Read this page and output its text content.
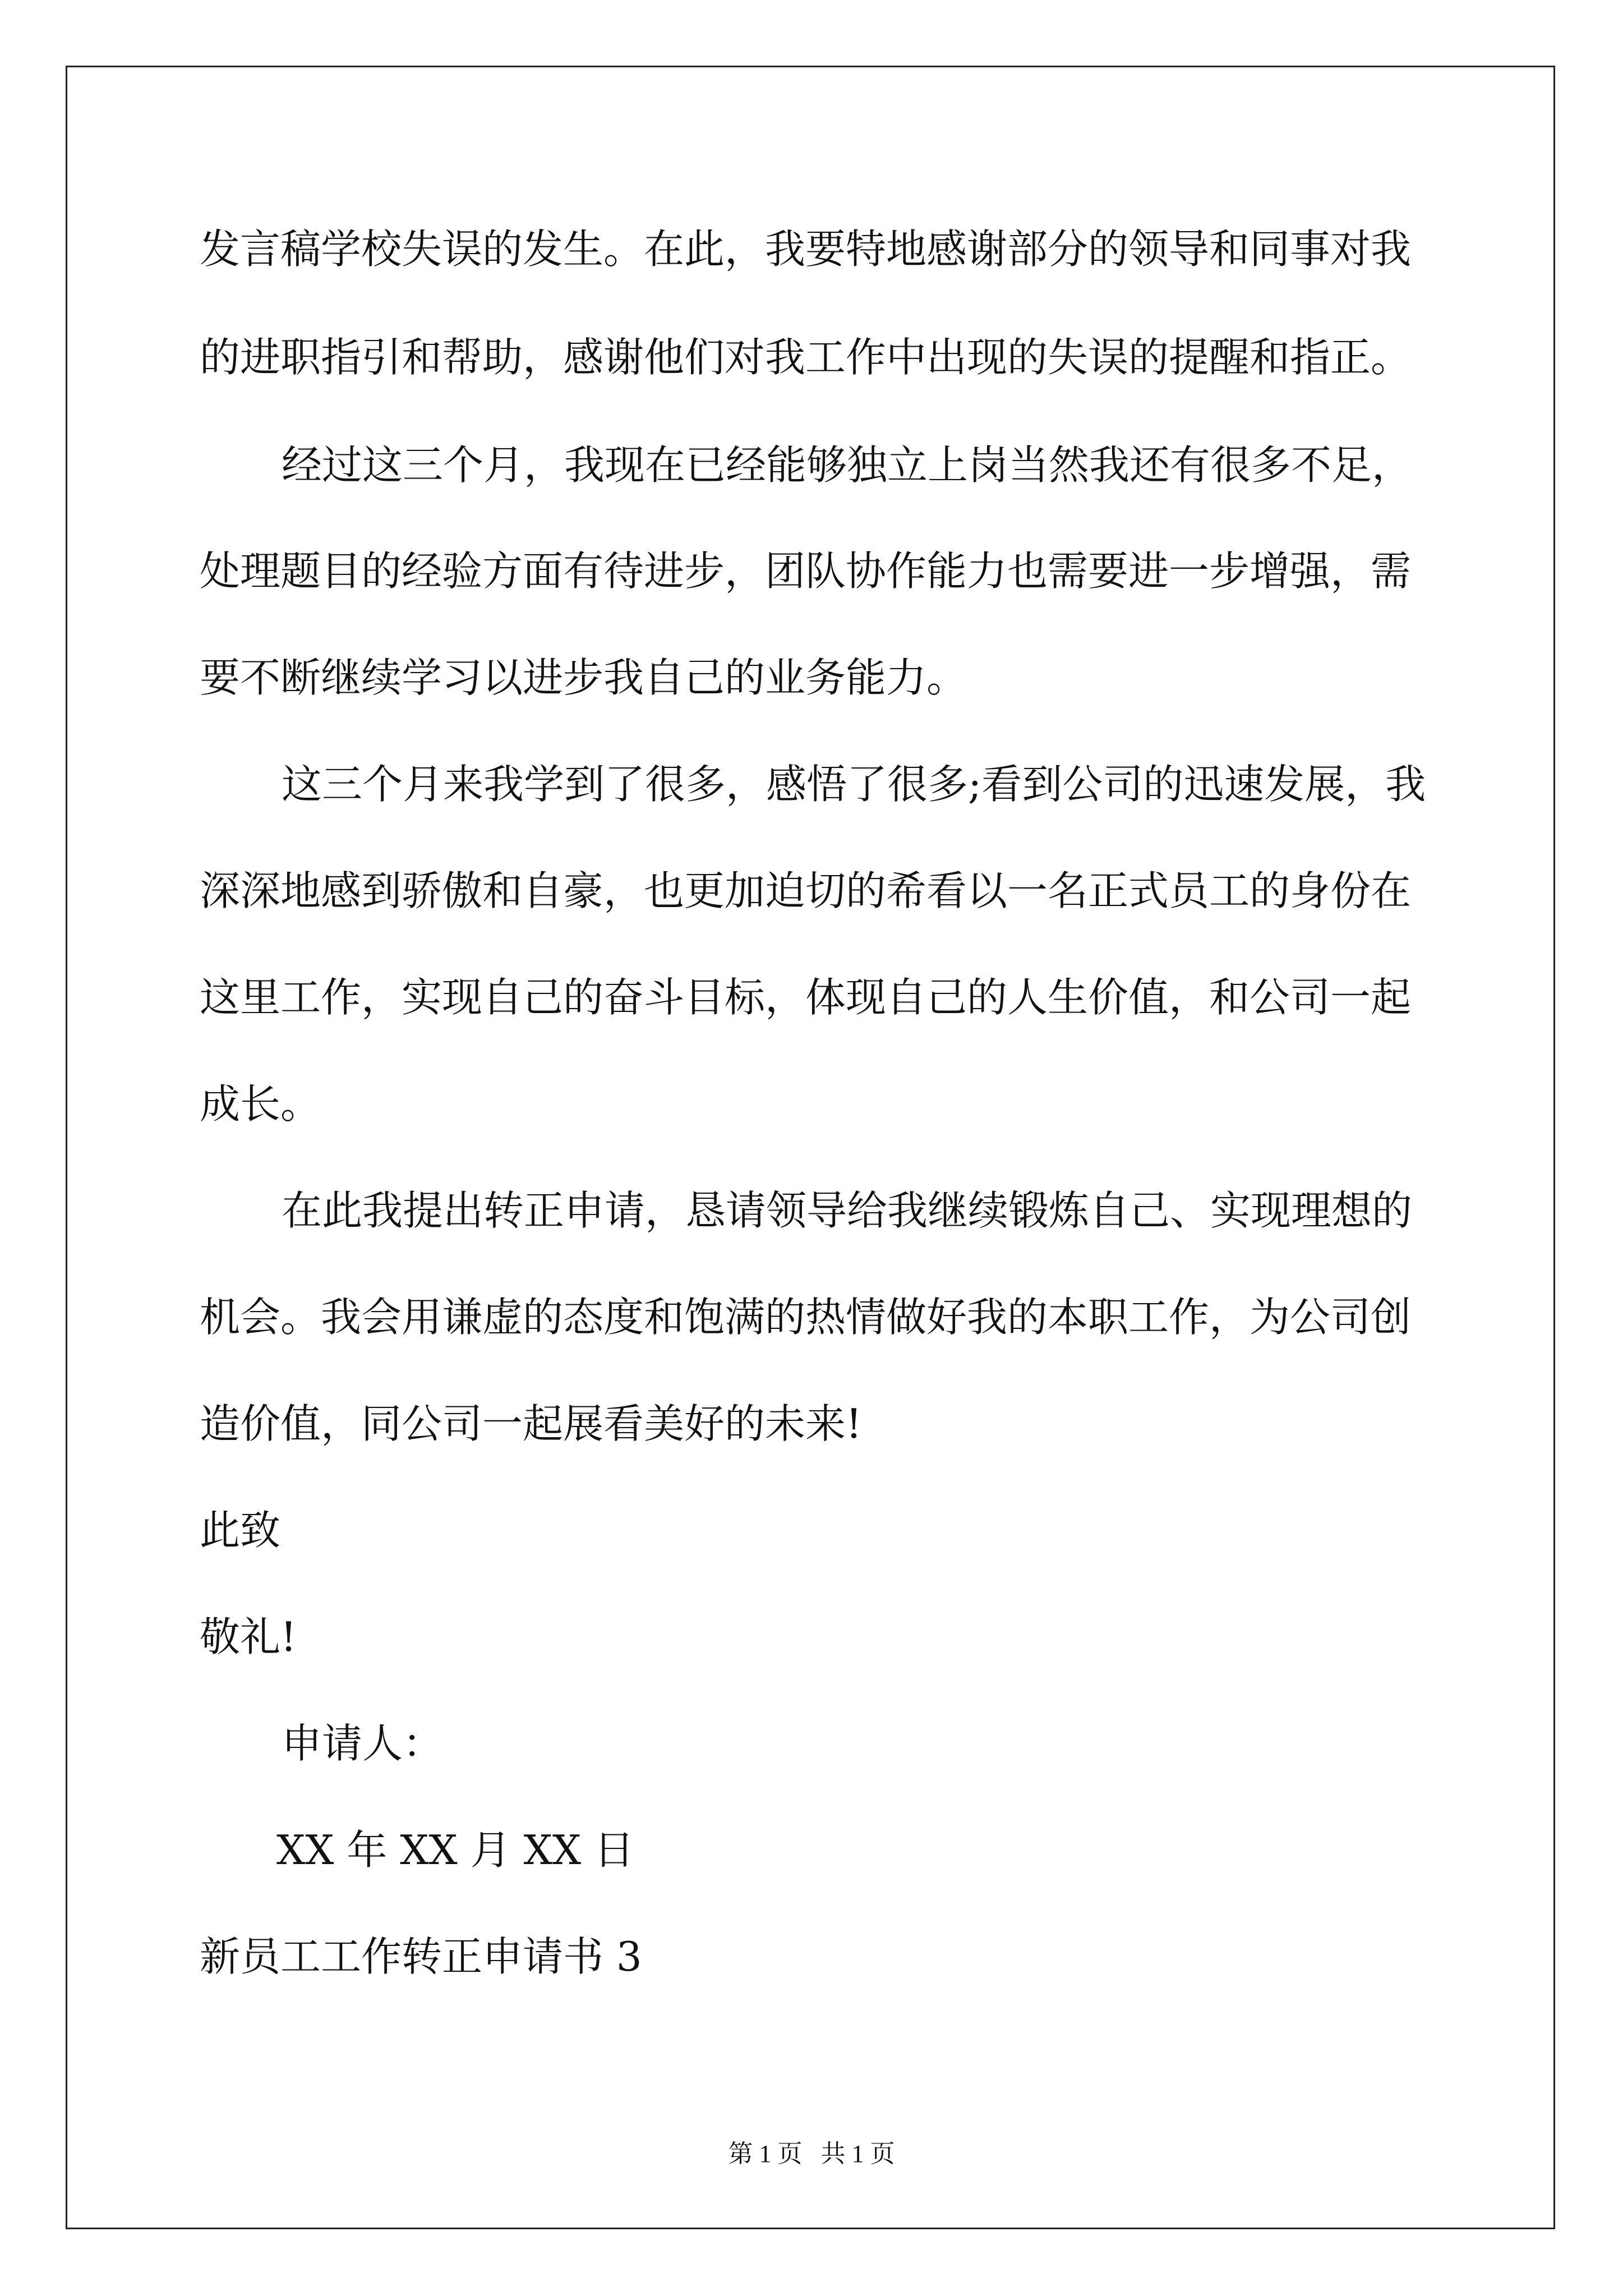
发言稿学校失误的发生。在此，我要特地感谢部分的领导和同事对我

的进职指引和帮助，感谢他们对我工作中出现的失误的提醒和指正。

经过这三个月，我现在已经能够独立上岗当然我还有很多不足，

处理题目的经验方面有待进步，团队协作能力也需要进一步增强，需

要不断继续学习以进步我自己的业务能力。

这三个月来我学到了很多，感悟了很多;看到公司的迅速发展，我

深深地感到骄傲和自豪，也更加迫切的希看以一名正式员工的身份在

这里工作，实现自己的奋斗目标，体现自己的人生价值，和公司一起

成长。

在此我提出转正申请，恳请领导给我继续锻炼自己、实现理想的

机会。我会用谦虚的态度和饱满的热情做好我的本职工作，为公司创

造价值，同公司一起展看美好的未来!

此致

敬礼!

申请人：

XX 年 XX 月 XX 日

新员工工作转正申请书 3

第 1 页   共 1 页
